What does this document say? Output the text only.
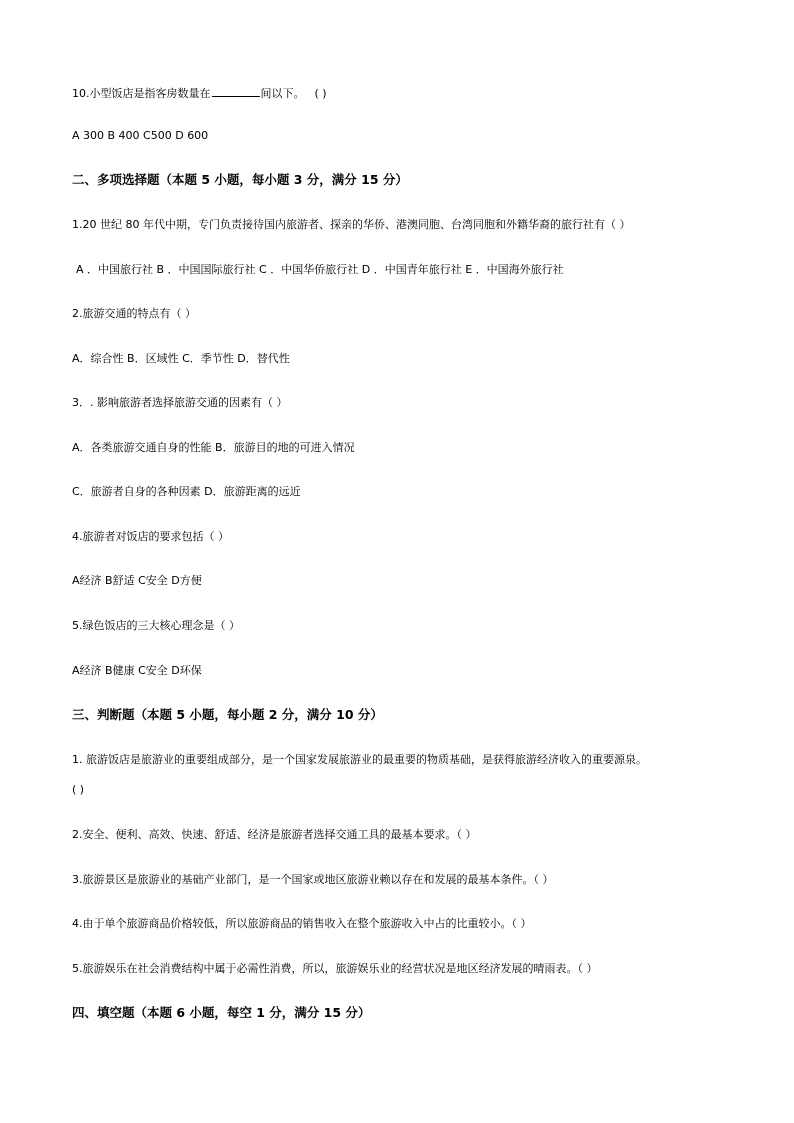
10.小型饭店是指客房数量在	间以下。 ( )
A 300 B 400 C500 D 600
二、多项选择题（本题 5 小题，每小题 3 分，满分 15 分）
1.20 世纪 80 年代中期，专门负责接待国内旅游者、探亲的华侨、港澳同胞、台湾同胞和外籍华裔的旅行社有（ ）
A ．中国旅行社 B ．中国国际旅行社 C ．中国华侨旅行社 D ．中国青年旅行社 E ．中国海外旅行社
2.旅游交通的特点有（ ）
A．综合性 B．区域性 C．季节性 D．替代性
3．. 影响旅游者选择旅游交通的因素有（ ）
A．各类旅游交通自身的性能 B．旅游目的地的可进入情况
C．旅游者自身的各种因素 D．旅游距离的远近
4.旅游者对饭店的要求包括（ ）
A经济 B舒适 C安全 D方便
5.绿色饭店的三大核心理念是（ ）
A经济 B健康 C安全 D环保
三、判断题（本题 5 小题，每小题 2 分，满分 10 分）
1. 旅游饭店是旅游业的重要组成部分，是一个国家发展旅游业的最重要的物质基础，是获得旅游经济收入的重要源泉。
( )
2.安全、便利、高效、快速、舒适、经济是旅游者选择交通工具的最基本要求。（ ）
3.旅游景区是旅游业的基础产业部门，是一个国家或地区旅游业赖以存在和发展的最基本条件。（ ）
4.由于单个旅游商品价格较低，所以旅游商品的销售收入在整个旅游收入中占的比重较小。（ ）
5.旅游娱乐在社会消费结构中属于必需性消费，所以，旅游娱乐业的经营状况是地区经济发展的晴雨表。（ ）
四、填空题（本题 6 小题，每空 1 分，满分 15 分）
